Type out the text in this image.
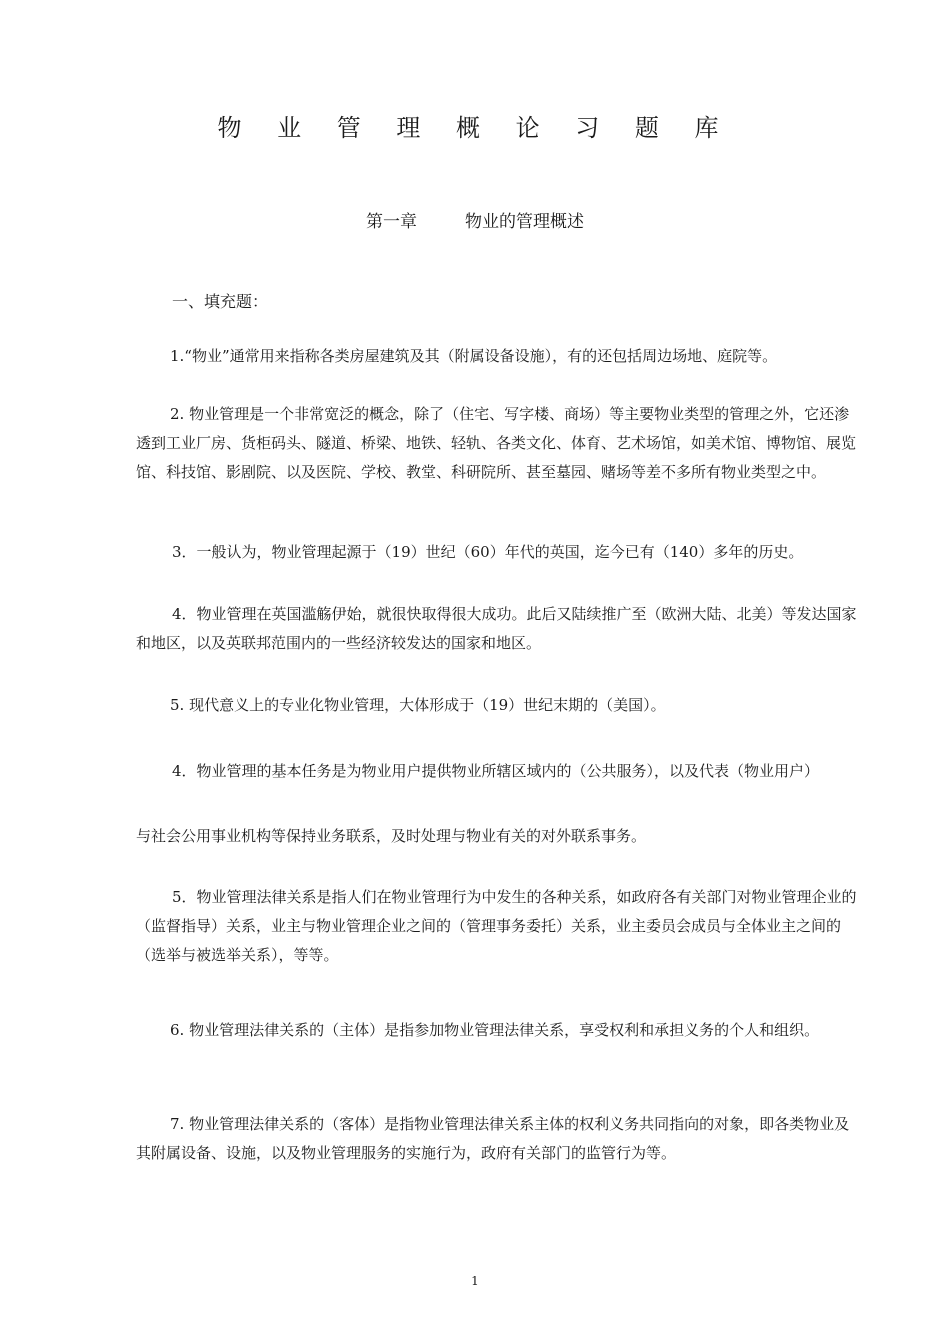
物 业 管 理 概 论 习 题 库
第一章	物业的管理概述
一、填充题：
1.“物业”通常用来指称各类房屋建筑及其（附属设备设施），有的还包括周边场地、庭院等。
2. 物业管理是一个非常宽泛的概念，除了（住宅、写字楼、商场）等主要物业类型的管理之外，它还渗透到工业厂房、货柜码头、隧道、桥梁、地铁、轻轨、各类文化、体育、艺术场馆，如美术馆、博物馆、展览馆、科技馆、影剧院、以及医院、学校、教堂、科研院所、甚至墓园、赌场等差不多所有物业类型之中。
3．一般认为，物业管理起源于（19）世纪（60）年代的英国，迄今已有（140）多年的历史。
4．物业管理在英国滥觞伊始，就很快取得很大成功。此后又陆续推广至（欧洲大陆、北美）等发达国家和地区，以及英联邦范围内的一些经济较发达的国家和地区。
5. 现代意义上的专业化物业管理，大体形成于（19）世纪末期的（美国）。
4．物业管理的基本任务是为物业用户提供物业所辖区域内的（公共服务），以及代表（物业用户）
与社会公用事业机构等保持业务联系，及时处理与物业有关的对外联系事务。
5．物业管理法律关系是指人们在物业管理行为中发生的各种关系，如政府各有关部门对物业管理企业的（监督指导）关系，业主与物业管理企业之间的（管理事务委托）关系，业主委员会成员与全体业主之间的（选举与被选举关系），等等。
6. 物业管理法律关系的（主体）是指参加物业管理法律关系，享受权利和承担义务的个人和组织。
7. 物业管理法律关系的（客体）是指物业管理法律关系主体的权利义务共同指向的对象，即各类物业及其附属设备、设施，以及物业管理服务的实施行为，政府有关部门的监管行为等。
1
